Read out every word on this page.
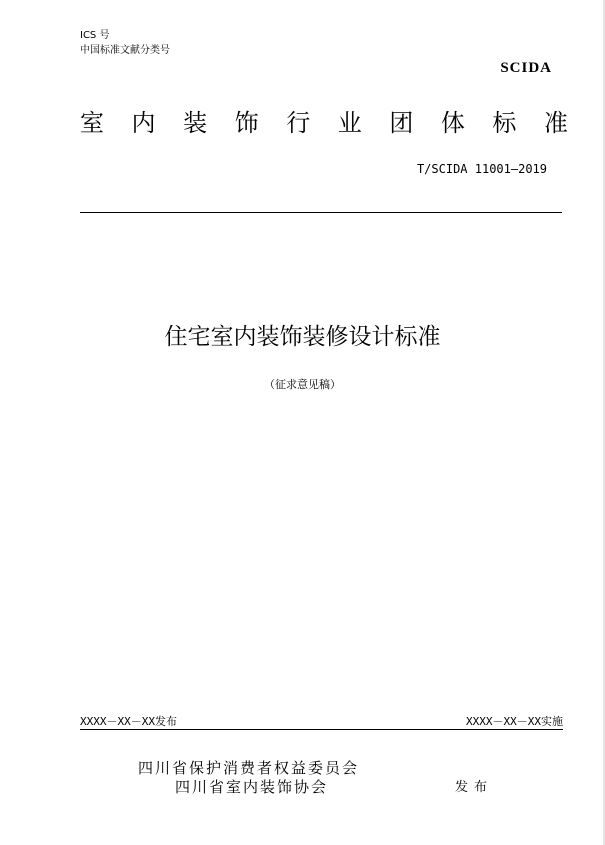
ICS 号
中国标准文献分类号
SCIDA
室 内 装 饰 行 业 团 体 标 准
T/SCIDA 11001—2019
住宅室内装饰装修设计标准
（征求意见稿）
XXXX－XX－XX发布	XXXX－XX－XX实施
四川省保护消费者权益委员会
四川省室内装饰协会	发布
